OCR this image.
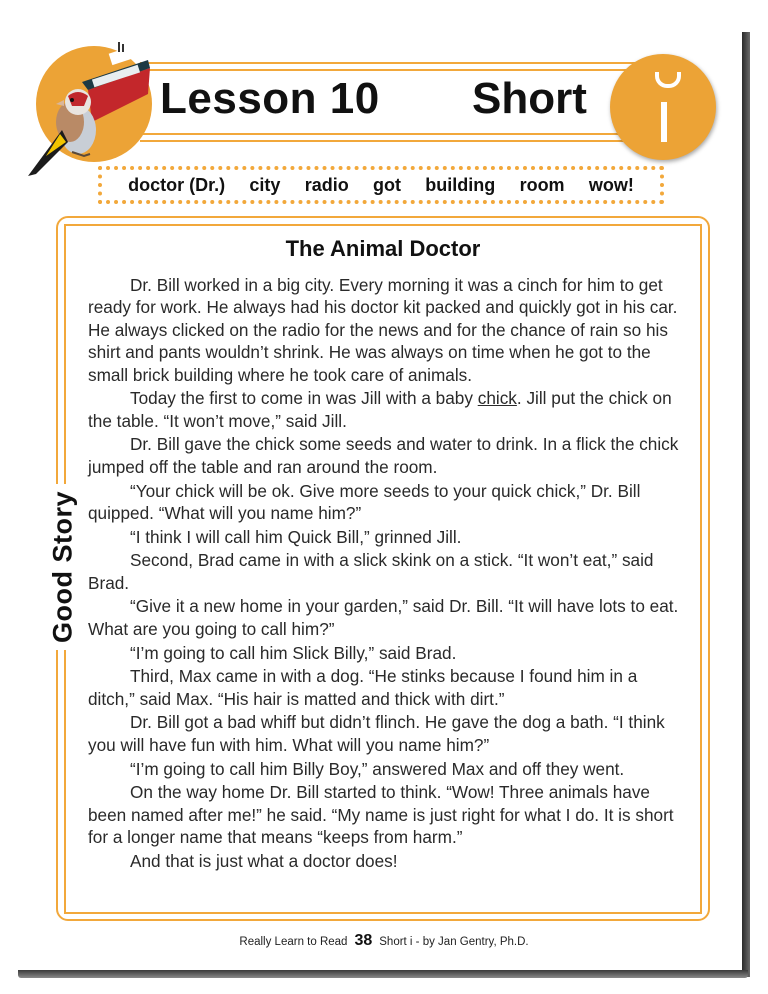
Lesson 10 Short
doctor (Dr.) city radio got building room wow!
Good Story
The Animal Doctor

Dr. Bill worked in a big city. Every morning it was a cinch for him to get ready for work. He always had his doctor kit packed and quickly got in his car. He always clicked on the radio for the news and for the chance of rain so his shirt and pants wouldn’t shrink. He was always on time when he got to the small brick building where he took care of animals.

Today the first to come in was Jill with a baby chick. Jill put the chick on the table. “It won’t move,” said Jill.

Dr. Bill gave the chick some seeds and water to drink. In a flick the chick jumped off the table and ran around the room.

“Your chick will be ok. Give more seeds to your quick chick,” Dr. Bill quipped. “What will you name him?”

“I think I will call him Quick Bill,” grinned Jill.

Second, Brad came in with a slick skink on a stick. “It won’t eat,” said Brad.

“Give it a new home in your garden,” said Dr. Bill. “It will have lots to eat. What are you going to call him?”

“I’m going to call him Slick Billy,” said Brad.

Third, Max came in with a dog. “He stinks because I found him in a ditch,” said Max. “His hair is matted and thick with dirt.”

Dr. Bill got a bad whiff but didn’t flinch. He gave the dog a bath. “I think you will have fun with him. What will you name him?”

“I’m going to call him Billy Boy,” answered Max and off they went.

On the way home Dr. Bill started to think. “Wow! Three animals have been named after me!” he said. “My name is just right for what I do. It is short for a longer name that means “keeps from harm.”

And that is just what a doctor does!

Really Learn to Read 38 Short i - by Jan Gentry, Ph.D.
